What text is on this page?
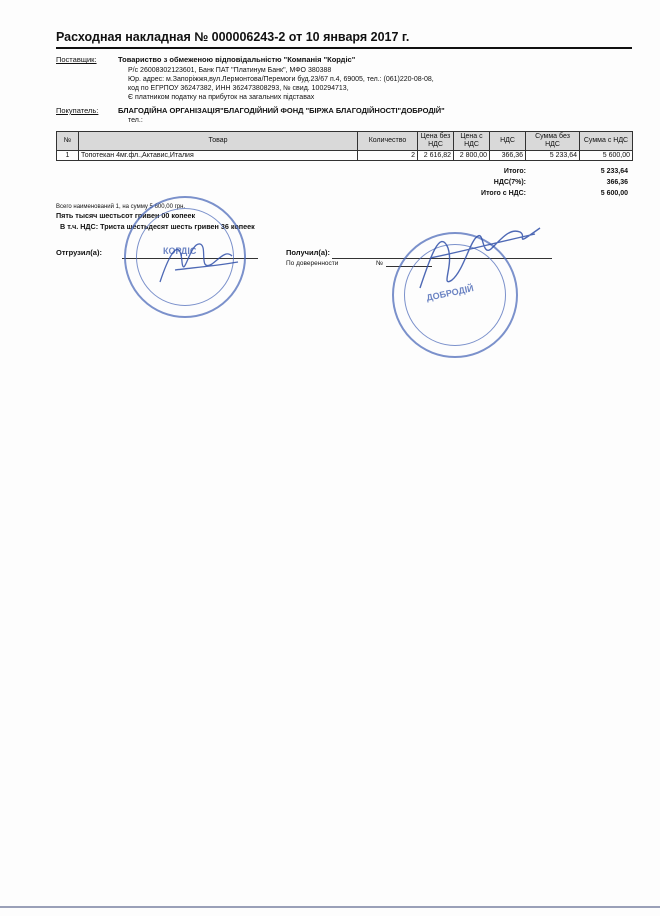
Расходная накладная № 000006243-2 от 10 января 2017 г.
Поставщик:	Товариство з обмеженою відповідальністю "Компанія "Кордіс"
Р/с 26008302123601, Банк ПАТ "Платинум Банк", МФО 380388
Юр. адрес: м.Запоріжжя,вул.Лермонтова/Перемоги буд.23/67 п.4, 69005, тел.: (061)220-08-08,
код по ЕГРПОУ 36247382, ИНН 362473808293, № свид. 100294713,
Є платником податку на прибуток на загальних підставах
Покупатель:	БЛАГОДІЙНА ОРГАНІЗАЦІЯ"БЛАГОДІЙНИЙ ФОНД "БІРЖА БЛАГОДІЙНОСТІ"ДОБРОДІЙ"
тел.:
№	Товар	Количество	Цена без НДС	Цена с НДС	НДС	Сумма без НДС	Сумма с НДС
1	Топотекан 4мг.фл.,Актавис,Италия	2	2 616,82	2 800,00	366,36	5 233,64	5 600,00
Итого:	5 233,64
НДС(7%):	366,36
Итого с НДС:	5 600,00
Всего наименований 1, на сумму 5 600,00 грн.
Пять тысяч шестьсот гривен 00 копеек
В т.ч. НДС: Триста шестьдесят шесть гривен 36 копеек
Отгрузил(а):	Получил(а):
По доверенности	№
КОРДІС
ДОБРОДІЙ
